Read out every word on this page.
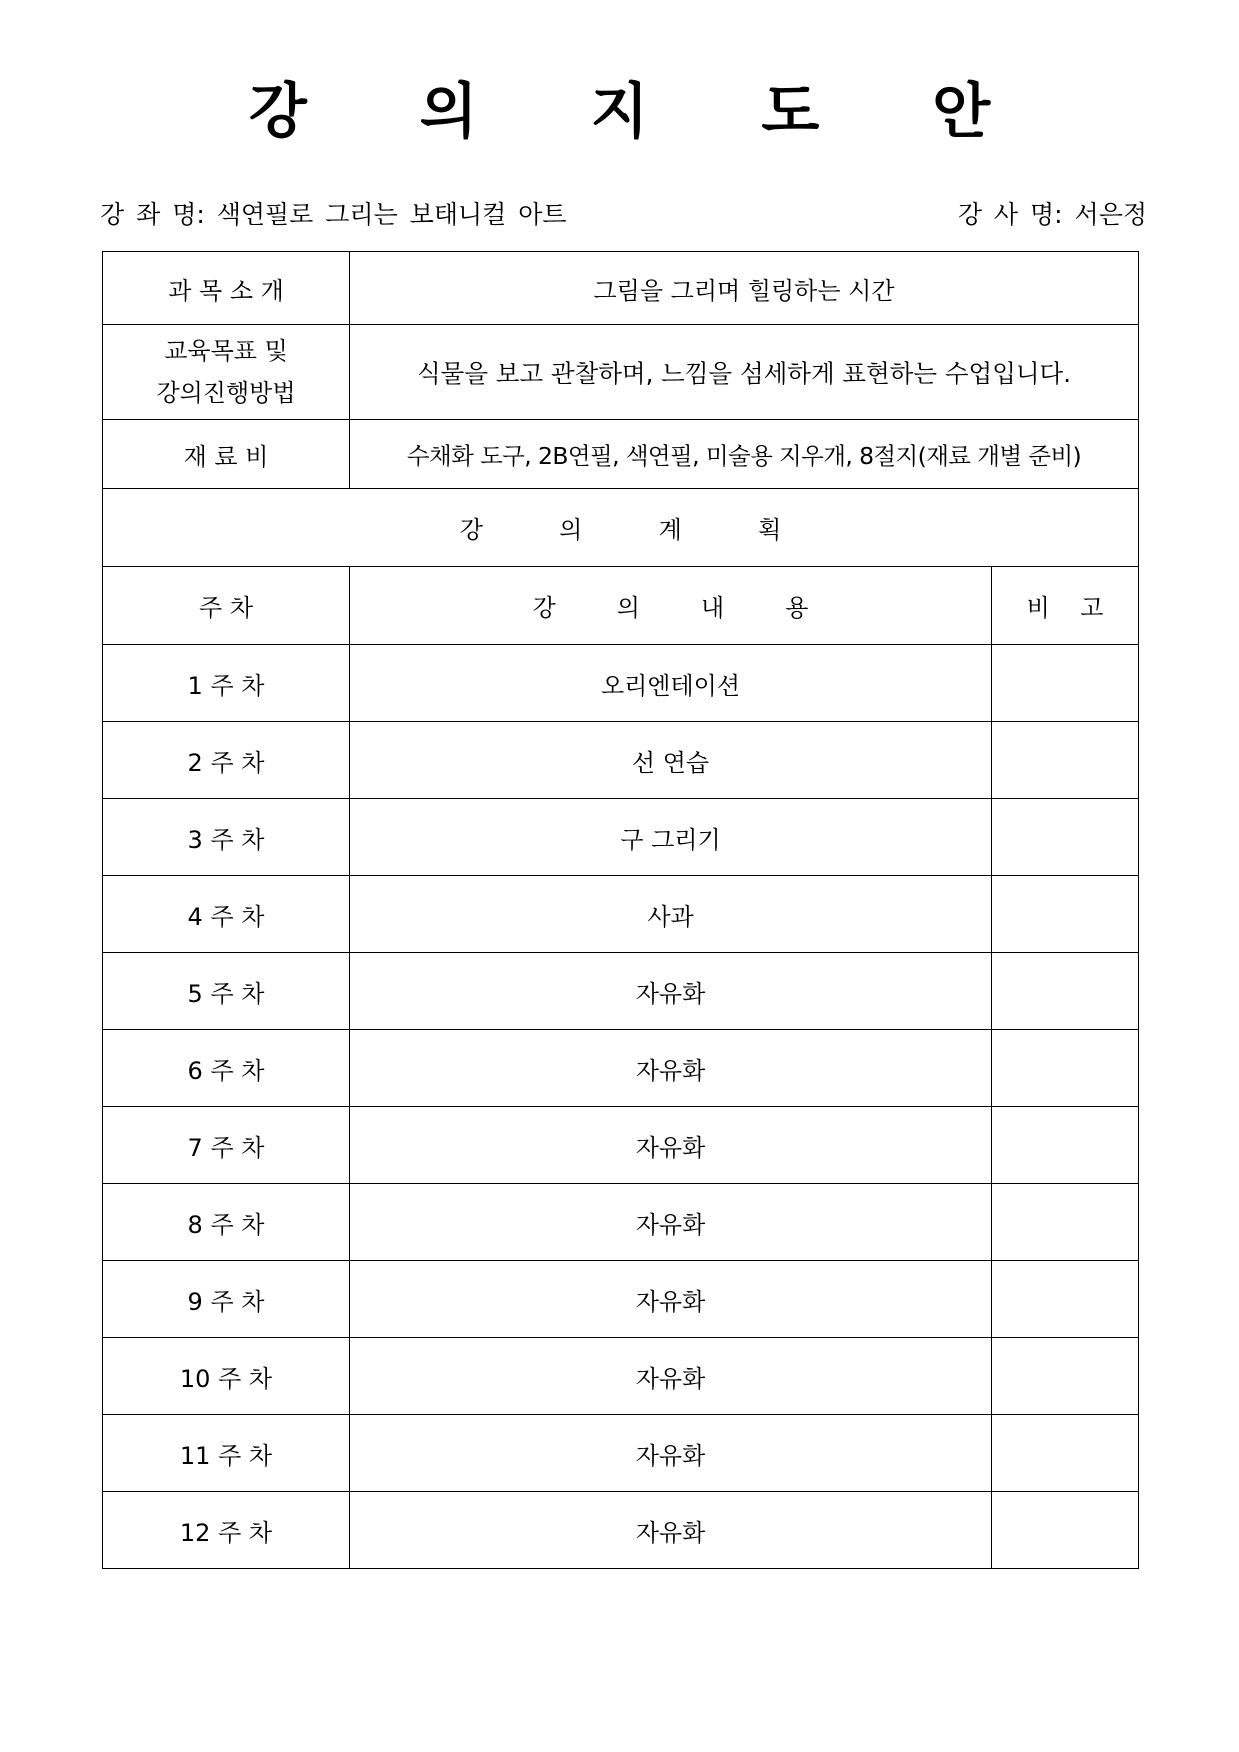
강 의 지 도 안
강 좌 명: 색연필로 그리는 보태니컬 아트	강 사 명: 서은정
과 목 소 개	그림을 그리며 힐링하는 시간	

교육목표 및
강의진행방법	식물을 보고 관찰하며, 느낌을 섬세하게 표현하는 수업입니다.	
재 료 비	수채화 도구, 2B연필, 색연필, 미술용 지우개, 8절지(재료 개별 준비)	
강          의          계          획		
주 차	강        의        내        용	비    고
1 주 차	오리엔테이션	
2 주 차	선 연습	
3 주 차	구 그리기	
4 주 차	사과	
5 주 차	자유화	
6 주 차	자유화	
7 주 차	자유화	
8 주 차	자유화	
9 주 차	자유화	
10 주 차	자유화	
11 주 차	자유화	
12 주 차	자유화	
